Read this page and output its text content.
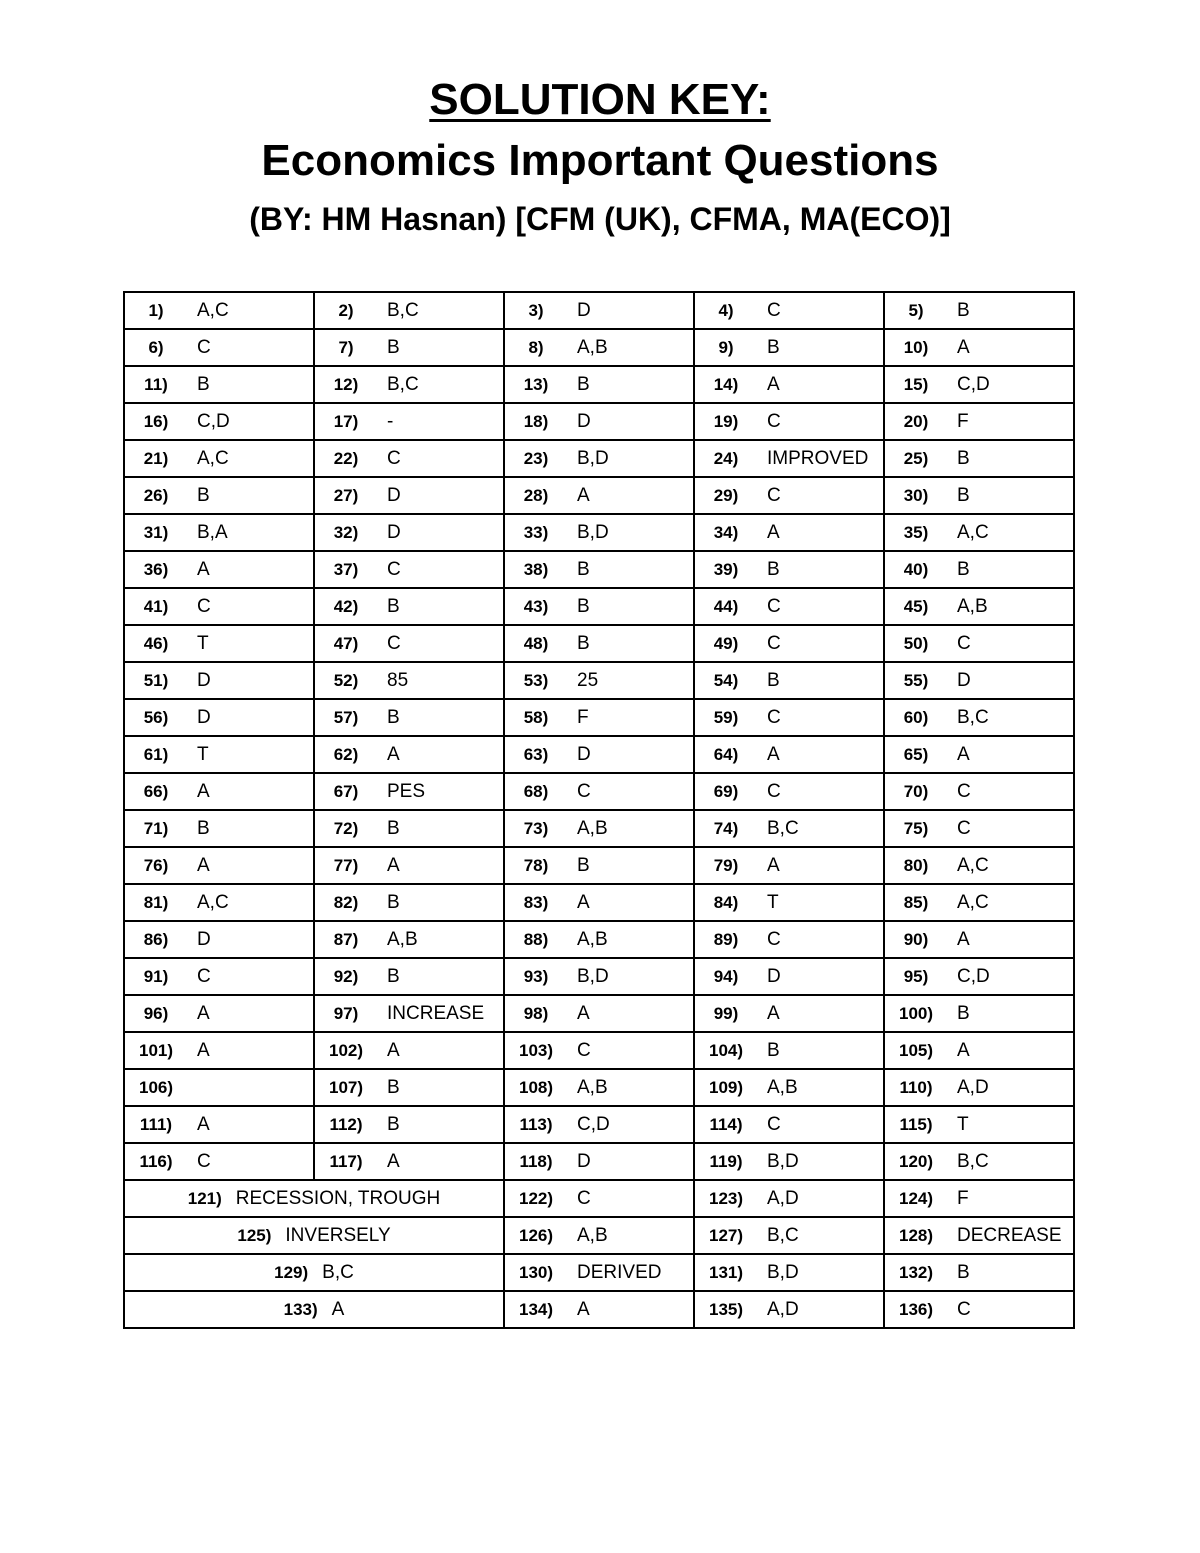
SOLUTION KEY:

Economics Important Questions

(BY: HM Hasnan) [CFM (UK), CFMA, MA(ECO)]

1) A,C	2) B,C	3) D	4) C	5) B

6) C	7) B	8) A,B	9) B	10) A

11) B	12) B,C	13) B	14) A	15) C,D

16) C,D	17) -	18) D	19) C	20) F

21) A,C	22) C	23) B,D	24) IMPROVED	25) B

26) B	27) D	28) A	29) C	30) B

31) B,A	32) D	33) B,D	34) A	35) A,C

36) A	37) C	38) B	39) B	40) B

41) C	42) B	43) B	44) C	45) A,B

46) T	47) C	48) B	49) C	50) C

51) D	52) 85	53) 25	54) B	55) D

56) D	57) B	58) F	59) C	60) B,C

61) T	62) A	63) D	64) A	65) A

66) A	67) PES	68) C	69) C	70) C

71) B	72) B	73) A,B	74) B,C	75) C

76) A	77) A	78) B	79) A	80) A,C

81) A,C	82) B	83) A	84) T	85) A,C

86) D	87) A,B	88) A,B	89) C	90) A

91) C	92) B	93) B,D	94) D	95) C,D

96) A	97) INCREASE	98) A	99) A	100) B

101) A	102) A	103) C	104) B	105) A

106)	107) B	108) A,B	109) A,B	110) A,D

111) A	112) B	113) C,D	114) C	115) T

116) C	117) A	118) D	119) B,D	120) B,C

121) RECESSION, TROUGH		122) C	123) A,D	124) F

125) INVERSELY		126) A,B	127) B,C	128) DECREASE

129) B,C		130) DERIVED	131) B,D	132) B

133) A		134) A	135) A,D	136) C
